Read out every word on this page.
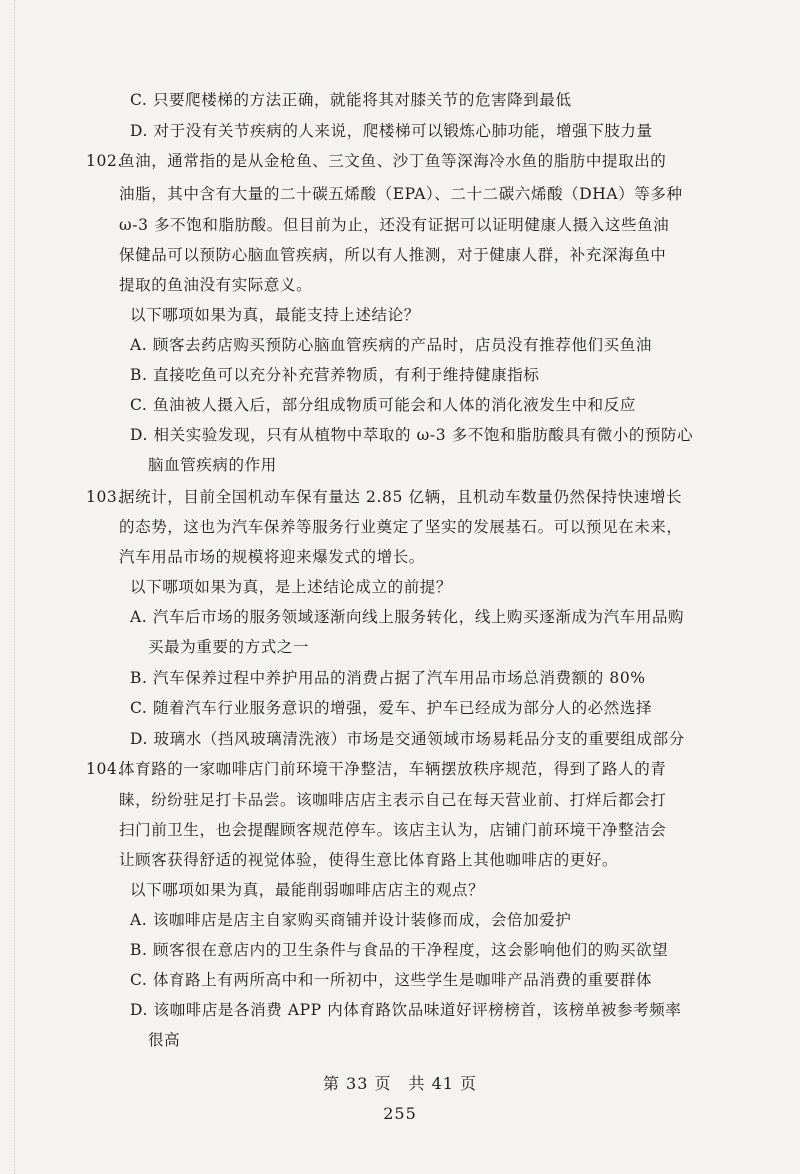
C. 只要爬楼梯的方法正确，就能将其对膝关节的危害降到最低
D. 对于没有关节疾病的人来说，爬楼梯可以锻炼心肺功能，增强下肢力量
102.
鱼油，通常指的是从金枪鱼、三文鱼、沙丁鱼等深海冷水鱼的脂肪中提取出的
油脂，其中含有大量的二十碳五烯酸（EPA）、二十二碳六烯酸（DHA）等多种
ω-3 多不饱和脂肪酸。但目前为止，还没有证据可以证明健康人摄入这些鱼油
保健品可以预防心脑血管疾病，所以有人推测，对于健康人群，补充深海鱼中
提取的鱼油没有实际意义。
以下哪项如果为真，最能支持上述结论？
A. 顾客去药店购买预防心脑血管疾病的产品时，店员没有推荐他们买鱼油
B. 直接吃鱼可以充分补充营养物质，有利于维持健康指标
C. 鱼油被人摄入后，部分组成物质可能会和人体的消化液发生中和反应
D. 相关实验发现，只有从植物中萃取的 ω-3 多不饱和脂肪酸具有微小的预防心
脑血管疾病的作用
103.
据统计，目前全国机动车保有量达 2.85 亿辆，且机动车数量仍然保持快速增长
的态势，这也为汽车保养等服务行业奠定了坚实的发展基石。可以预见在未来，
汽车用品市场的规模将迎来爆发式的增长。
以下哪项如果为真，是上述结论成立的前提？
A. 汽车后市场的服务领域逐渐向线上服务转化，线上购买逐渐成为汽车用品购
买最为重要的方式之一
B. 汽车保养过程中养护用品的消费占据了汽车用品市场总消费额的 80%
C. 随着汽车行业服务意识的增强，爱车、护车已经成为部分人的必然选择
D. 玻璃水（挡风玻璃清洗液）市场是交通领域市场易耗品分支的重要组成部分
104.
体育路的一家咖啡店门前环境干净整洁，车辆摆放秩序规范，得到了路人的青
睐，纷纷驻足打卡品尝。该咖啡店店主表示自己在每天营业前、打烊后都会打
扫门前卫生，也会提醒顾客规范停车。该店主认为，店铺门前环境干净整洁会
让顾客获得舒适的视觉体验，使得生意比体育路上其他咖啡店的更好。
以下哪项如果为真，最能削弱咖啡店店主的观点？
A. 该咖啡店是店主自家购买商铺并设计装修而成，会倍加爱护
B. 顾客很在意店内的卫生条件与食品的干净程度，这会影响他们的购买欲望
C. 体育路上有两所高中和一所初中，这些学生是咖啡产品消费的重要群体
D. 该咖啡店是各消费 APP 内体育路饮品味道好评榜榜首，该榜单被参考频率
很高
第 33 页　共 41 页
255
